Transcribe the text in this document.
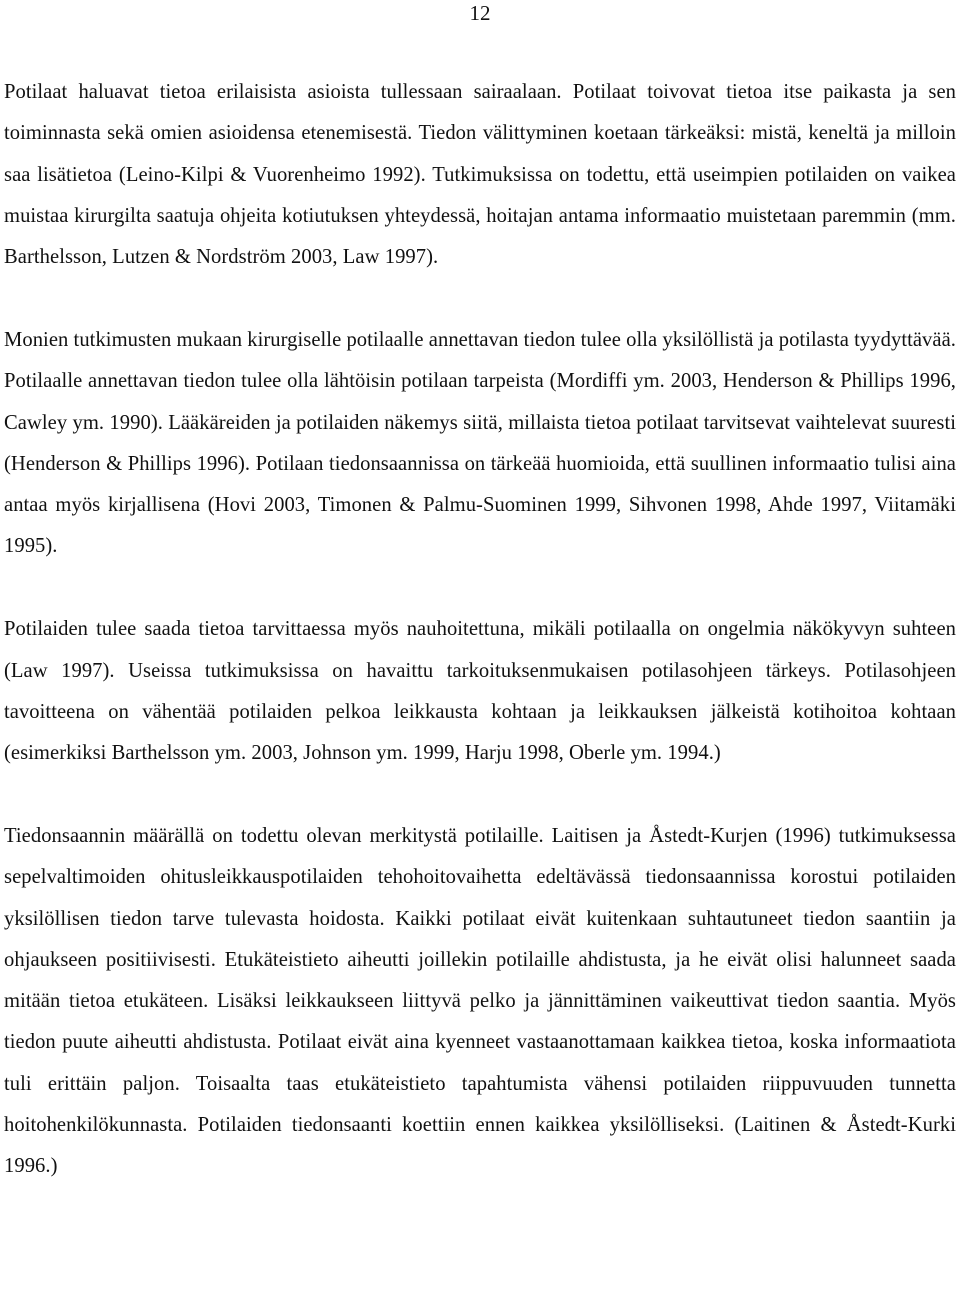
12

Potilaat haluavat tietoa erilaisista asioista tullessaan sairaalaan. Potilaat toivovat tietoa itse paikasta ja sen toiminnasta sekä omien asioidensa etenemisestä. Tiedon välittyminen koetaan tärkeäksi: mistä, keneltä ja milloin saa lisätietoa (Leino-Kilpi & Vuorenheimo 1992). Tutkimuksissa on todettu, että useimpien potilaiden on vaikea muistaa kirurgilta saatuja ohjeita kotiutuksen yhteydessä, hoitajan antama informaatio muistetaan paremmin (mm. Barthelsson, Lutzen & Nordström 2003, Law 1997).

Monien tutkimusten mukaan kirurgiselle potilaalle annettavan tiedon tulee olla yksilöllistä ja potilasta tyydyttävää. Potilaalle annettavan tiedon tulee olla lähtöisin potilaan tarpeista (Mordiffi ym. 2003, Henderson & Phillips 1996, Cawley ym. 1990). Lääkäreiden ja potilaiden näkemys siitä, millaista tietoa potilaat tarvitsevat vaihtelevat suuresti (Henderson & Phillips 1996). Potilaan tiedonsaannissa on tärkeää huomioida, että suullinen informaatio tulisi aina antaa myös kirjallisena (Hovi 2003, Timonen & Palmu-Suominen 1999, Sihvonen 1998, Ahde 1997, Viitamäki 1995).

Potilaiden tulee saada tietoa tarvittaessa myös nauhoitettuna, mikäli potilaalla on ongelmia näkökyvyn suhteen (Law 1997). Useissa tutkimuksissa on havaittu tarkoituksenmukaisen potilasohjeen tärkeys. Potilasohjeen tavoitteena on vähentää potilaiden pelkoa leikkausta kohtaan ja leikkauksen jälkeistä kotihoitoa kohtaan (esimerkiksi Barthelsson ym. 2003, Johnson ym. 1999, Harju 1998, Oberle ym. 1994.)

Tiedonsaannin määrällä on todettu olevan merkitystä potilaille. Laitisen ja Åstedt-Kurjen (1996) tutkimuksessa sepelvaltimoiden ohitusleikkauspotilaiden tehohoitovaihetta edeltävässä tiedonsaannissa korostui potilaiden yksilöllisen tiedon tarve tulevasta hoidosta. Kaikki potilaat eivät kuitenkaan suhtautuneet tiedon saantiin ja ohjaukseen positiivisesti. Etukäteistieto aiheutti joillekin potilaille ahdistusta, ja he eivät olisi halunneet saada mitään tietoa etukäteen. Lisäksi leikkaukseen liittyvä pelko ja jännittäminen vaikeuttivat tiedon saantia. Myös tiedon puute aiheutti ahdistusta. Potilaat eivät aina kyenneet vastaanottamaan kaikkea tietoa, koska informaatiota tuli erittäin paljon. Toisaalta taas etukäteistieto tapahtumista vähensi potilaiden riippuvuuden tunnetta hoitohenkilökunnasta. Potilaiden tiedonsaanti koettiin ennen kaikkea yksilölliseksi. (Laitinen & Åstedt-Kurki 1996.)
